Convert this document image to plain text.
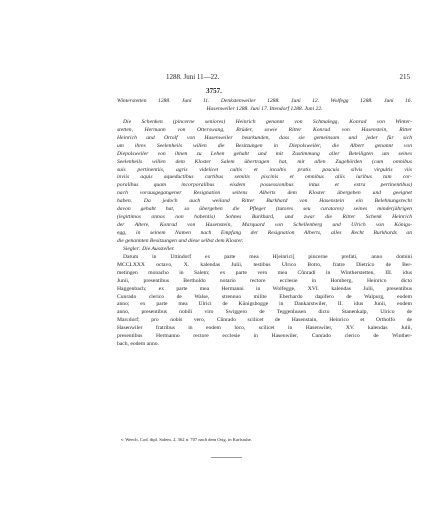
1288. Juni 11—22.	215
3757.
Winterstetten 1288. Juni 11. Denkstenweiler 1288. Juni 12. Wolfegg 1288. Juni 16.
Hasenweiler 1288. Juni 17. Ittendorf 1288. Juni 22.
Die Schenken (pincerne seniores) Heinrich genannt von Schmalegg, Konrad von Winter-
stetten, Hermann von Otterswang, Brüder, sowie Ritter Konrad von Hasenstein, Ritter
Heinrich und Ortolf von Hasenweiler beurkunden, dass sie gemeinsam und jeder für sich
um ihres Seelenheils willen die Besitzungen in Diepolsweiler, die Albert genannt von
Diepolsweiler von ihnen zu Lehen gehabt und mit Zustimmung aller Beteiligten um seines
Seelenheils willen dem Kloster Salem übertragen hat, mit allen Zugehörden (cum omnibus
suis pertinentiis, agris videlicet cultis et incultis pratis pascuis silvis virgultis viis
inviis aquis aqueductibus curtibus semitis piscinis et omnibus aliis iuribus tam cor-
poralibus quam incorporalibus eisdem possessionibus intus et extra pertinentibus)
nach vorausgegangener Resignation seitens Alberts dem Kloster übergeben und geeignet
haben. Da jedoch auch weiland Ritter Burkhard von Hasenstein ein Belehnungsrecht
davon gehabt hat, so übergeben die Pfleger (tutores seu curatores) seines minderjährigen
(legittimos annos non habentis) Sohnes Burkhard, und zwar die Ritter Schenk Heinrich
der Ältere, Konrad von Hasenstein, Marquard von Schellenberg und Ulrich von Königs-
egg, in seinem Namen nach Empfang der Resignation Alberts, alles Recht Burkhards an
die genannten Besitzungen und diese selbst dem Kloster.
Siegler: Die Aussteller.
Datum in Ùttindorf ex parte mea H[einrici] pincerne prefati, anno domini
MCCLXXX octavo, X. kalendas Julii, testibus Ulrico Botro, fratre Dietrico de Ber-
metingen monacho in Salem; ex parte vero mea Cůnradi in Wintherstetten, III. idus
Junii, presentibus Bertholdo notario rectore ecclesie in Homberg, Heinrico dicto
Haggenbach; ex parte mea Hermanni in Wolfegge, XVI. kalendas Julii, presentibus
Cunrado clerico de Walse, strennuo milite Eberhardo dapifero de Walpurg, eodem
anno; ex parte mea Ůlrici de Künigsbogge in Dankarstwiler, II. idus Junii, eodem
anno, presentibus nobili viro Swiggero de Teggenhusen dicto Stanenkalp, Ulrico de
Marcdorf; pro nobis vero, Cůnrado scilicet de Hasenstain, Heinrico et Ortholfo de
Hasenwiler fratribus in eodem loco, scilicet in Hasenwiler, XV. kalendas Julii,
presentibus Hermanno rectore ecclesie in Hasenwiler, Cunrado clerico de Winther-
bach, eodem anno.
v. Weech, Cod. dipl. Salem. 2, 362 n. 707 nach dem Orig. in Karlsruhe.
